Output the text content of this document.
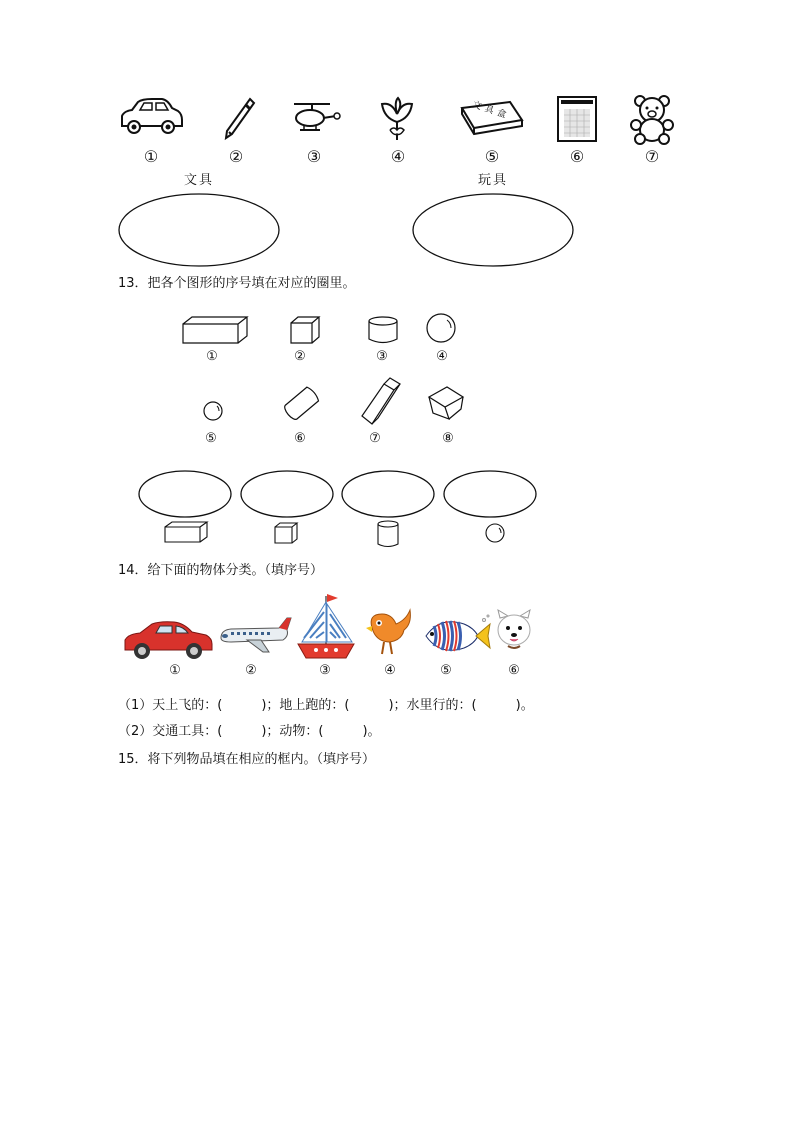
①	②	③	④
文具盒
⑤	⑥	⑦
文具	玩具
13．把各个图形的序号填在对应的圈里。
①	②	③	④
⑤	⑥	⑦	⑧
14．给下面的物体分类。（填序号）
①	②	③	④	⑤	⑥
（1）天上飞的：(　　　)；地上跑的：(　　　)；水里行的：(　　　)。
（2）交通工具：(　　　)；动物：(　　　)。
15．将下列物品填在相应的框内。（填序号）
